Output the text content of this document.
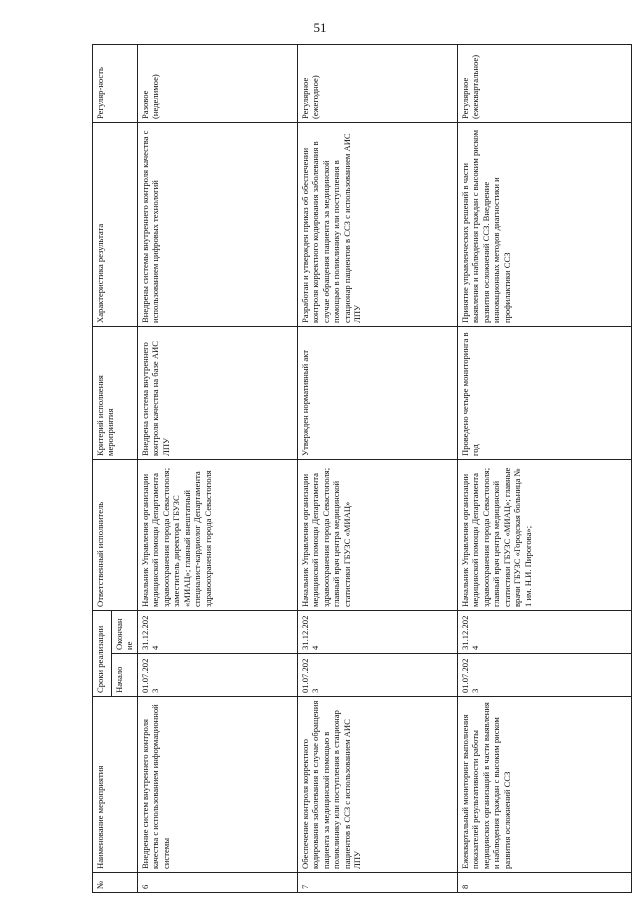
51
№	Наименование мероприятия	Сроки реализации		Ответственный исполнитель	Критерий исполнения мероприятия	Характеристика результата	Регуляр-ность
		Начало	Окончание				
6	Внедрение систем внутреннего контроля качества с использованием информационной системы	01.07.2023	31.12.2024	Начальник Управления организации медицинской помощи Департамента здравоохранения города Севастополя; заместитель директора ГБУЗС «МИАЦ»; главный внештатный специалист-кардиолог Департамента здравоохранения города Севастополя	Внедрена система внутреннего контроля качества на базе АИС ЛПУ	Внедрены системы внутреннего контроля качества с использованием цифровых технологий	Разовое (неделимое)
7	Обеспечение контроля корректного кодирования заболевания в случае обращения пациента за медицинской помощью в поликлинику или поступления в стационар пациентов в ССЗ с использованием АИС ЛПУ	01.07.2023	31.12.2024	Начальник Управления организации медицинской помощи Департамента здравоохранения города Севастополя; главный врач центра медицинской статистики ГБУЗС «МИАЦ»	Утвержден нормативный акт	Разработан и утвержден приказ об обеспечении контроля корректного кодирования заболевания в случае обращения пациента за медицинской помощью в поликлинику или поступления в стационар пациентов в ССЗ с использованием АИС ЛПУ	Регулярное (ежегодное)
8	Ежеквартальный мониторинг выполнения показателей результативности работы медицинских организаций в части выявления и наблюдения граждан с высоким риском развития осложнений ССЗ	01.07.2023	31.12.2024	Начальник Управления организации медицинской помощи Департамента здравоохранения города Севастополя; главный врач центра медицинской статистики ГБУЗС «МИАЦ»; главные врачи ГБУЗС «Городская больница № 1 им. Н.И. Пирогова»;	Проведено четыре мониторинга в год	Принятие управленческих решений в части выявления и наблюдения граждан с высоким риском развития осложнений ССЗ. Внедрение инновационных методов диагностики и профилактики ССЗ	Регулярное (ежеквартальное)
